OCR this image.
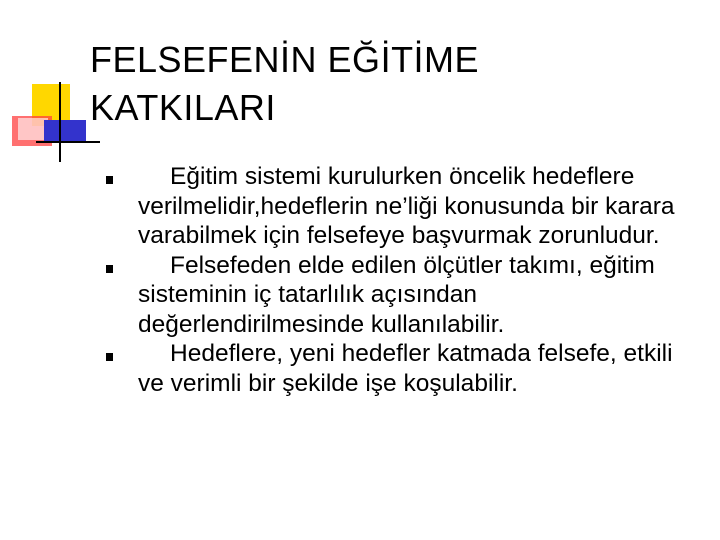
FELSEFENİN EĞİTİME
KATKILARI
Eğitim sistemi kurulurken öncelik hedeflere verilmelidir,hedeflerin ne’liği konusunda bir karara varabilmek için felsefeye başvurmak zorunludur.
Felsefeden elde edilen ölçütler takımı, eğitim sisteminin iç tatarlılık açısından değerlendirilmesinde kullanılabilir.
Hedeflere, yeni hedefler katmada felsefe, etkili ve verimli bir şekilde işe koşulabilir.
